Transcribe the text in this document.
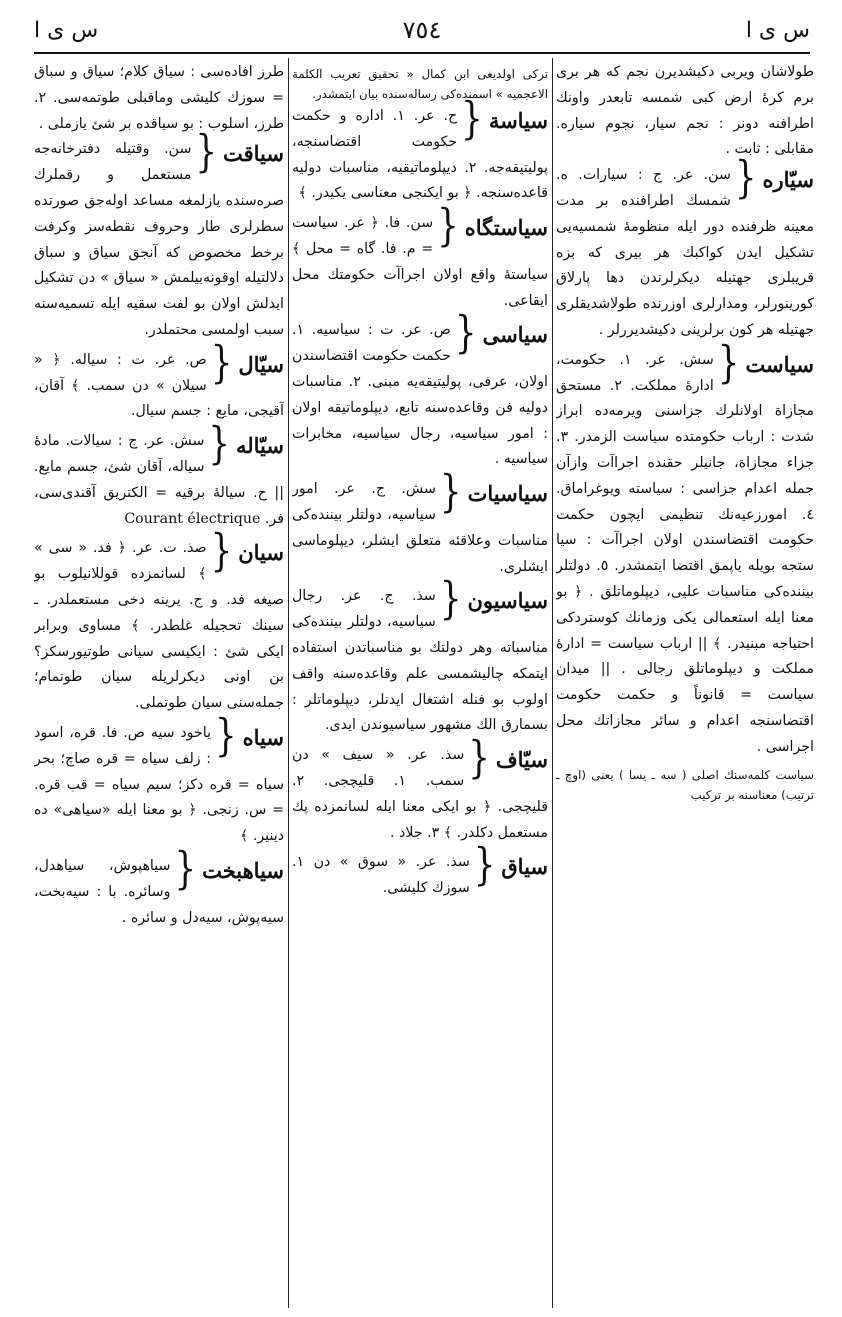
س ى ا
٧٥٤
س ى ا

طولاشان ويربى دكيشديرن نجم كه هر برى برم كرهٔ ارض كبى شمسه تابعدر واونك اطرافنه دونر : نجم سيار، نجوم سياره. مقابلى : ثابت .

سيّاره
{
سن. عر. ج : سيارات. ه. شمسك اطرافنده بر مدت معينه ظرفنده دور ايله منظومهٔ شمسيه‌يى تشكيل ايدن كواكبك هر بيرى كه بزه قريبلرى جهتيله ديكرلرندن دها پارلاق كورينورلر، ومدارلرى اوزرنده طولاشديقلرى جهتيله هر كون برلرينى دكيشديررلر .
سياست
{
سش. عر. ١. حكومت، ادارهٔ مملكت. ٢. مستحق مجازاة اولانلرك جزاسنى ويرمه‌ده ابراز شدت : ارباب حكومتده سياست الزمدر. ٣. جزاء مجازاة، جانيلر حقنده اجراآت وازآن جمله اعدام جزاسى : سياسته ويوغراماق. ٤. امورزعيه‌نك تنظيمى ايچون حكمت حكومت اقتضاسندن اولان اجراآت : سيا ستجه بويله ياپمق اقتضا ايتمشدر. ٥. دولتلر بيننده‌كى مناسبات عليى، ديپلوماتلق . ﴿ بو معنا ايله استعمالى يكى وزمانك كوستردكى احتياجه مبنيدر. ﴾ || ارباب سياست = ادارهٔ مملكت و ديپلوماتلق رجالى . || ميدان سياست = قانوناً و حكمت حكومت اقتضاسنجه اعدام و سائر مجازاتك محل اجراسى .
سياست كلمه‌سنك اصلى ( سه ـ يسا ) يعنى (اوچ ـ ترتيب) معناسنه بر تركيب
تركى اولديغى ابن كمال « تحقيق تعريب الكلمة الاعجميه » اسمنده‌كى رساله‌سنده بيان ايتمشدر.
سياسة
{
ح. عر. ١. اداره و حكمت حكومت اقتضاسنجه، پوليتيقه‌جه. ٢. ديپلوماتيقيه، مناسبات دوليه قاعده‌سنجه. ﴿ بو ايكنجى معناسى يكيدر. ﴾
سياستگاه
{
سن. فا. ﴿ عر. سياست = م. فا. گاه = محل ﴾ سياستهٔ واقع اولان اجراآت حكومتك محل ايقاعى.
سياسى
{
ص. عر. ت : سياسيه. ١. حكمت حكومت اقتضاسندن اولان، عرفى، پوليتيقه‌يه مبنى. ٢. مناسبات دوليه فن وقاعده‌سنه تابع، ديپلوماتيقه اولان : امور سياسيه، رجال سياسيه، مخابرات سياسيه .
سياسيات
{
سش. ج. عر. امور سياسيه، دولتلر بيننده‌كى مناسبات وعلاقئه متعلق ايشلر، ديپلوماسى ايشلرى.
سياسيون
{
سذ. ج. عر. رجال سياسيه، دولتلر بيننده‌كى مناسباته وهر دولتك بو مناسباتدن استفاده ايتمكه چاليشمسى علم وقاعده‌سنه واقف اولوب بو فنله اشتغال ايدنلر، ديپلوماتلر : بسمارق الك مشهور سياسيوندن ايدى.
سيّاف
{
سذ. عر. « سيف » دن سمب. ١. قليچجى. ٢. قليچجى. ﴿ بو ايكى معنا ايله لسانمزده پك مستعمل دكلدر. ﴾ ٣. جلاد .
سياق
{
سذ. عر. « سوق » دن ١. سوزك كليشى.

طرز افاده‌سى : سياق كلام؛ سياق و سباق = سوزك كليشى وماقبلى طوتمه‌سى. ٢. طرز، اسلوب : بو سياقده بر شئ يازملى .

سياقت
{
سن. وقتيله دفترخانه‌جه مستعمل و رقملرك صره‌سنده يازلمغه مساعد اولەجق صورتده سطرلرى طار وحروف نقطه‌سز وكرفت برخط مخصوص كه آنجق سياق و سباق دلالتيله اوقونه‌بيلمش « سياق » دن تشكيل ايدلش اولان بو لفت سقيه ايله تسميه‌سنه سبب اولمسى محتملدر.
سيّال
{
ص. عر. ت : سياله. ﴿ « سيلان » دن سمب. ﴾ آقان، آقيجى، مايع : جسم سيال.
سيّاله
{
سش. عر. ج : سيالات. مادهٔ سياله، آقان شئ، جسم مايع. || ح. سيالهٔ برقيه = الكتريق آقندى‌سى، فر. Courant électrique
سيان
{
صذ. ت. عر. ﴿ فد. « سى » ﴾ لسانمزده قوللانيلوب بو صيغه فد. و ج. يرينه دخى مستعملدر. ـ سينك تحجيله غلطدر. ﴾ مساوى وبرابر ايكى شئ : ايكيسى سيانى طوتيورسكز؟ بن اونى ديكرلريله سيان طوتمام؛ جمله‌سنى سيان طوتملى.
سياه
{
ياخود سيه ص. فا. قره، اسود : زلف سياه = قره صاچ؛ بحر سياه = قره دكز؛ سيم سياه = قب قره. = س. زنجى. ﴿ بو معنا ايله «سياهى» ده دينير. ﴾
سياهبخت
{
سياهپوش، سياهدل، وسائره. با : سيه‌بخت، سيه‌پوش، سيه‌دل و سائره .
